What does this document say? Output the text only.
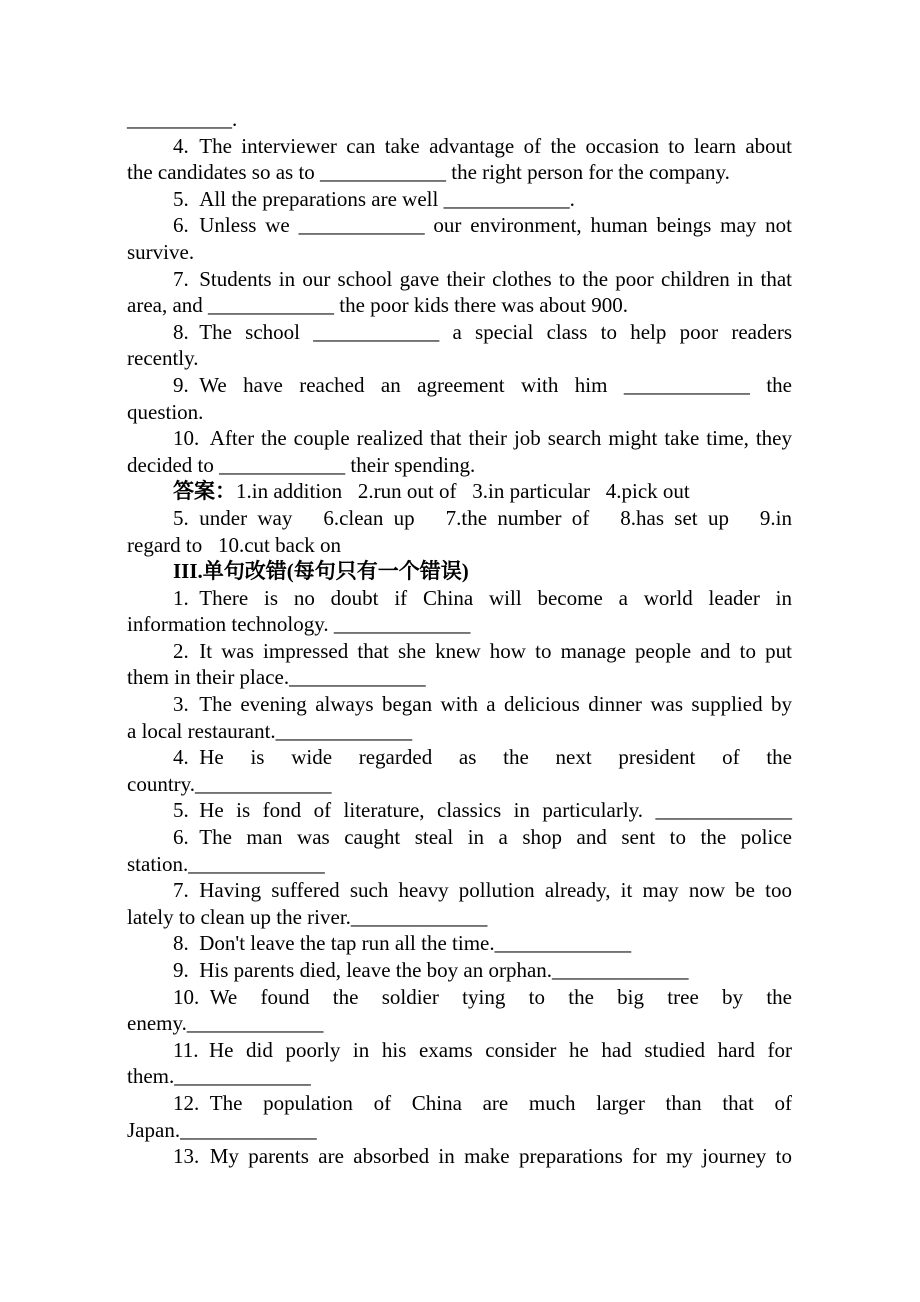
__________.
4. The interviewer can take advantage of the occasion to learn about
the candidates so as to ____________ the right person for the company.
5. All the preparations are well ____________.
6. Unless we ____________ our environment, human beings may not
survive.
7. Students in our school gave their clothes to the poor children in that
area, and ____________ the poor kids there was about 900.
8. The school ____________ a special class to help poor readers
recently.
9. We have reached an agreement with him ____________ the
question.
10. After the couple realized that their job search might take time, they
decided to ____________ their spending.
答案：1.in addition   2.run out of   3.in particular   4.pick out
5. under way   6.clean up   7.the number of   8.has set up   9.in
regard to   10.cut back on
III.单句改错(每句只有一个错误)
1. There is no doubt if China will become a world leader in
information technology. _____________
2. It was impressed that she knew how to manage people and to put
them in their place._____________
3. The evening always began with a delicious dinner was supplied by
a local restaurant._____________
4. He is wide regarded as the next president of the
country._____________
5. He is fond of literature, classics in particularly. _____________
6. The man was caught steal in a shop and sent to the police
station._____________
7. Having suffered such heavy pollution already, it may now be too
lately to clean up the river._____________
8. Don't leave the tap run all the time._____________
9. His parents died, leave the boy an orphan._____________
10. We found the soldier tying to the big tree by the
enemy._____________
11. He did poorly in his exams consider he had studied hard for
them._____________
12. The population of China are much larger than that of
Japan._____________
13. My parents are absorbed in make preparations for my journey to
